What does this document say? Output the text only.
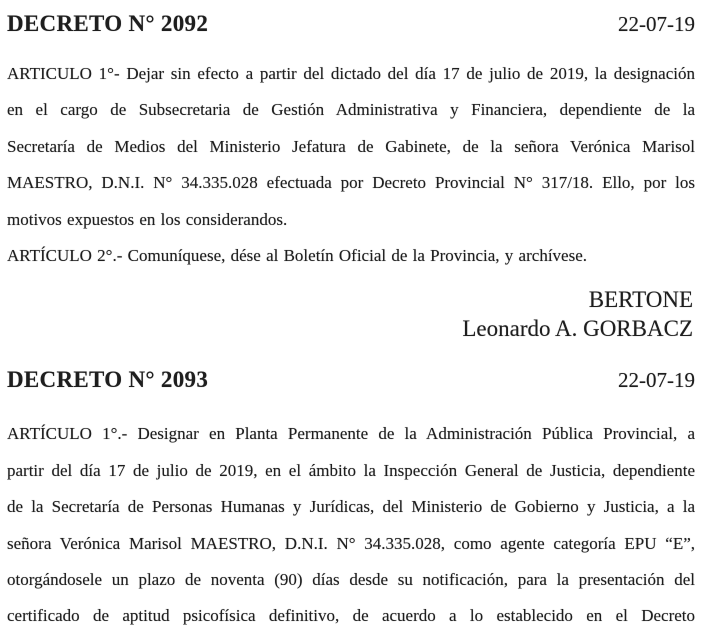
DECRETO N° 2092	22-07-19
ARTICULO 1°- Dejar sin efecto a partir del dictado del día 17 de julio de 2019, la designación
en el cargo de Subsecretaria de Gestión Administrativa y Financiera, dependiente de la
Secretaría de Medios del Ministerio Jefatura de Gabinete, de la señora Verónica Marisol
MAESTRO, D.N.I. N° 34.335.028 efectuada por Decreto Provincial N° 317/18. Ello, por los
motivos expuestos en los considerandos.
ARTÍCULO 2°.- Comuníquese, dése al Boletín Oficial de la Provincia, y archívese.
BERTONE
Leonardo A. GORBACZ
DECRETO N° 2093	22-07-19
ARTÍCULO 1°.- Designar en Planta Permanente de la Administración Pública Provincial, a
partir del día 17 de julio de 2019, en el ámbito la Inspección General de Justicia, dependiente
de la Secretaría de Personas Humanas y Jurídicas, del Ministerio de Gobierno y Justicia, a la
señora Verónica Marisol MAESTRO, D.N.I. N° 34.335.028, como agente categoría EPU “E”,
otorgándosele un plazo de noventa (90) días desde su notificación, para la presentación del
certificado de aptitud psicofísica definitivo, de acuerdo a lo establecido en el Decreto
